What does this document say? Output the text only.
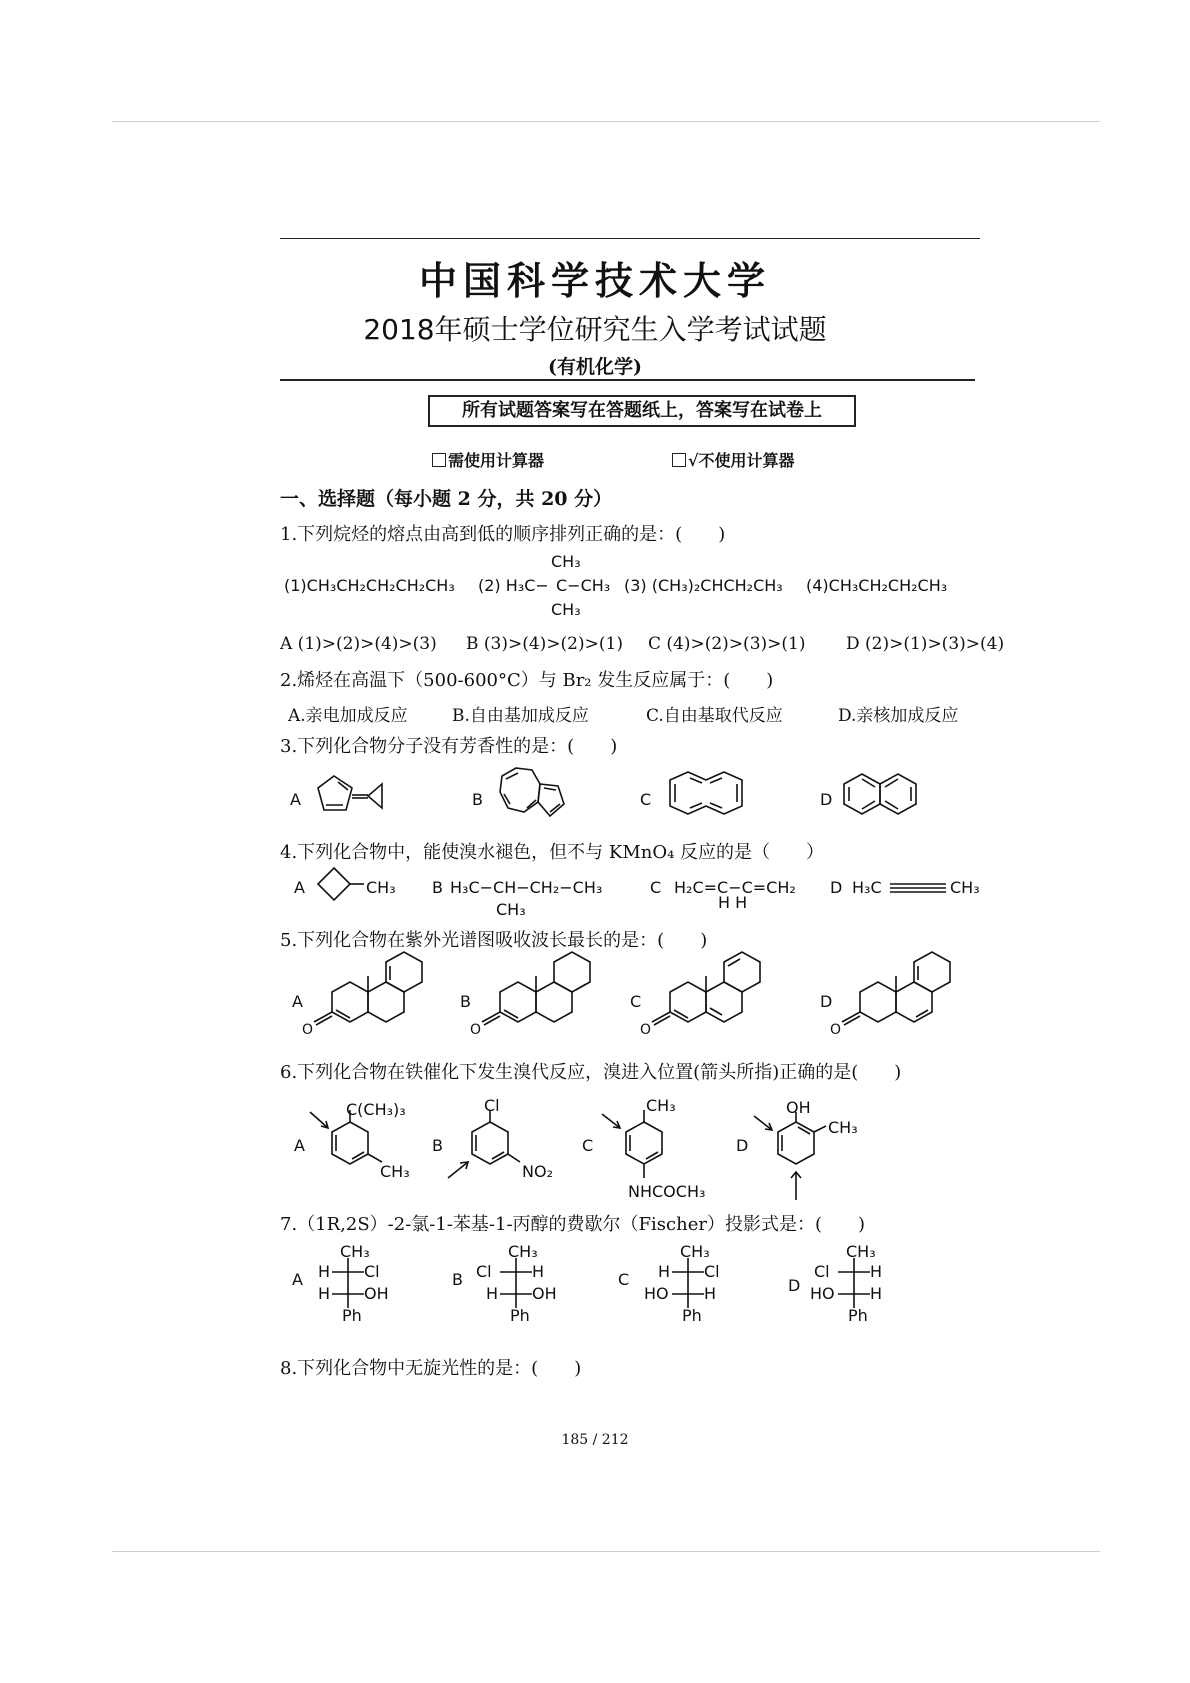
中国科学技术大学
2018年硕士学位研究生入学考试试题
(有机化学)
所有试题答案写在答题纸上，答案写在试卷上
需使用计算器	√不使用计算器
一、选择题（每小题 2 分，共 20 分）
1.下列烷烃的熔点由高到低的顺序排列正确的是：(　　)
(1)CH₃CH₂CH₂CH₂CH₃ (2) H₃C−
CH₃
C−CH₃
CH₃
(3) (CH₃)₂CHCH₂CH₃ (4)CH₃CH₂CH₂CH₃
A (1)>(2)>(4)>(3) B (3)>(4)>(2)>(1) C (4)>(2)>(3)>(1) D (2)>(1)>(3)>(4)
2.烯烃在高温下（500-600°C）与 Br₂ 发生反应属于：(　　)
A.亲电加成反应	B.自由基加成反应	C.自由基取代反应	D.亲核加成反应
3.下列化合物分子没有芳香性的是：(　　)
A	B	C	D
4.下列化合物中，能使溴水褪色，但不与 KMnO₄ 反应的是（　　）
A	CH₃ B H₃C−CH−CH₂−CH₃
CH₃
C H₂C=C−C=CH₂
H H
D H₃C	CH₃
5.下列化合物在紫外光谱图吸收波长最长的是：(　　)
A
O
B
O
C
O
D
O
6.下列化合物在铁催化下发生溴代反应，溴进入位置(箭头所指)正确的是(　　)
A
C(CH₃)₃
CH₃
B
Cl
NO₂
C
CH₃
NHCOCH₃
D
OH
CH₃
7.（1R,2S）-2-氯-1-苯基-1-丙醇的费歇尔（Fischer）投影式是：(　　)
A
CH₃
H Cl
H OH
Ph
B
CH₃
Cl	H
H OH
Ph
C
CH₃
H Cl
HO H
Ph
D
CH₃
Cl	H
HO H
Ph
8.下列化合物中无旋光性的是：(　　)
185 / 212
